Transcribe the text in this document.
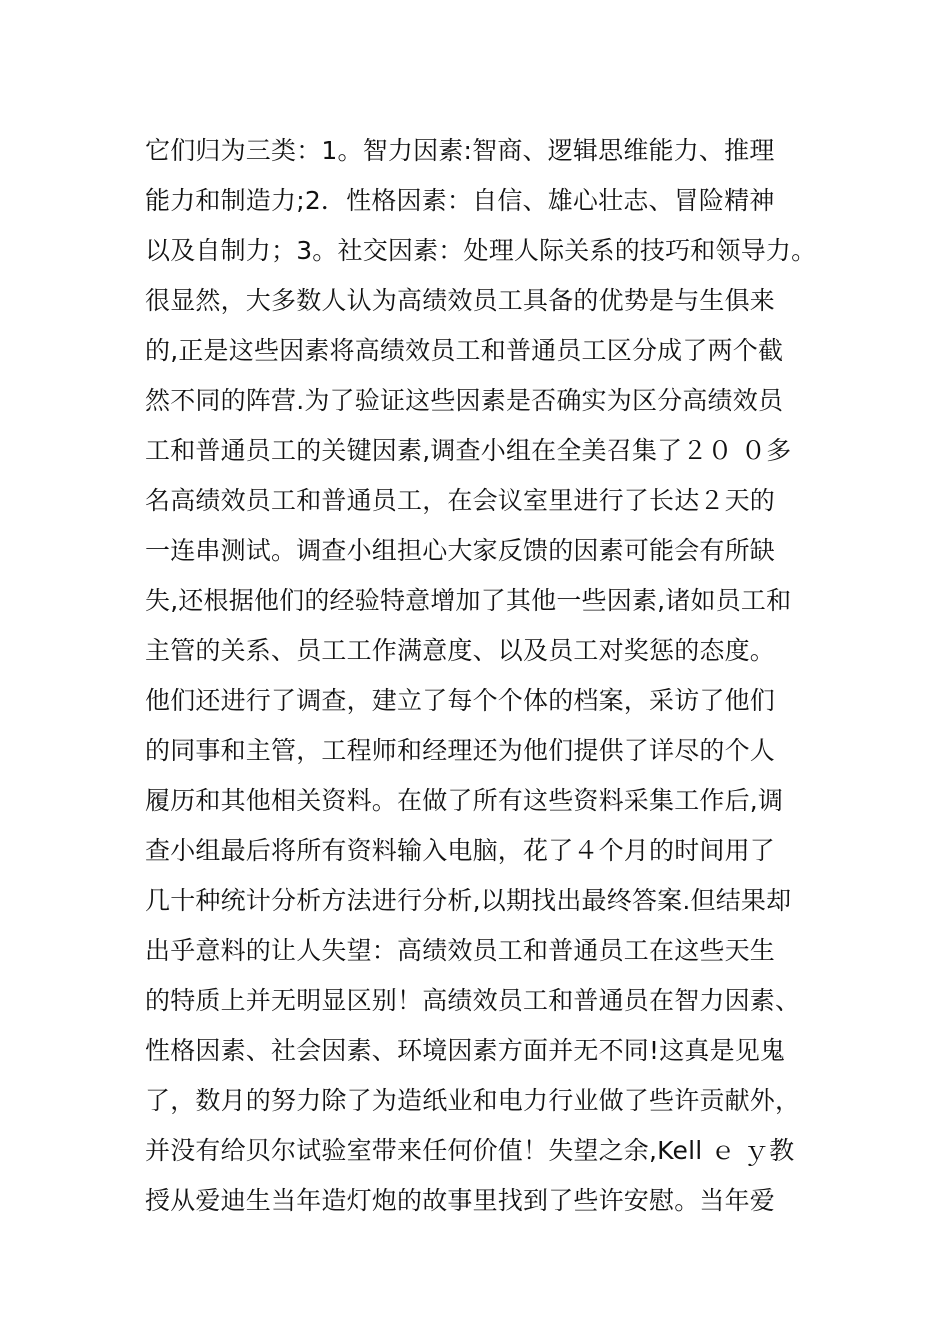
它们归为三类：1。智力因素:智商、逻辑思维能力、推理
能力和制造力;2．性格因素：自信、雄心壮志、冒险精神
以及自制力；3。社交因素：处理人际关系的技巧和领导力。
很显然，大多数人认为高绩效员工具备的优势是与生俱来
的,正是这些因素将高绩效员工和普通员工区分成了两个截
然不同的阵营.为了验证这些因素是否确实为区分高绩效员
工和普通员工的关键因素,调查小组在全美召集了２０ ０多
名高绩效员工和普通员工，在会议室里进行了长达２天的
一连串测试。调查小组担心大家反馈的因素可能会有所缺
失,还根据他们的经验特意增加了其他一些因素,诸如员工和
主管的关系、员工工作满意度、以及员工对奖惩的态度。
他们还进行了调查，建立了每个个体的档案，采访了他们
的同事和主管，工程师和经理还为他们提供了详尽的个人
履历和其他相关资料。在做了所有这些资料采集工作后,调
查小组最后将所有资料输入电脑，花了４个月的时间用了
几十种统计分析方法进行分析,以期找出最终答案.但结果却
出乎意料的让人失望：高绩效员工和普通员工在这些天生
的特质上并无明显区别！高绩效员工和普通员在智力因素、
性格因素、社会因素、环境因素方面并无不同!这真是见鬼
了，数月的努力除了为造纸业和电力行业做了些许贡献外，
并没有给贝尔试验室带来任何价值！失望之余,Kell ｅ ｙ教
授从爱迪生当年造灯炮的故事里找到了些许安慰。当年爱
